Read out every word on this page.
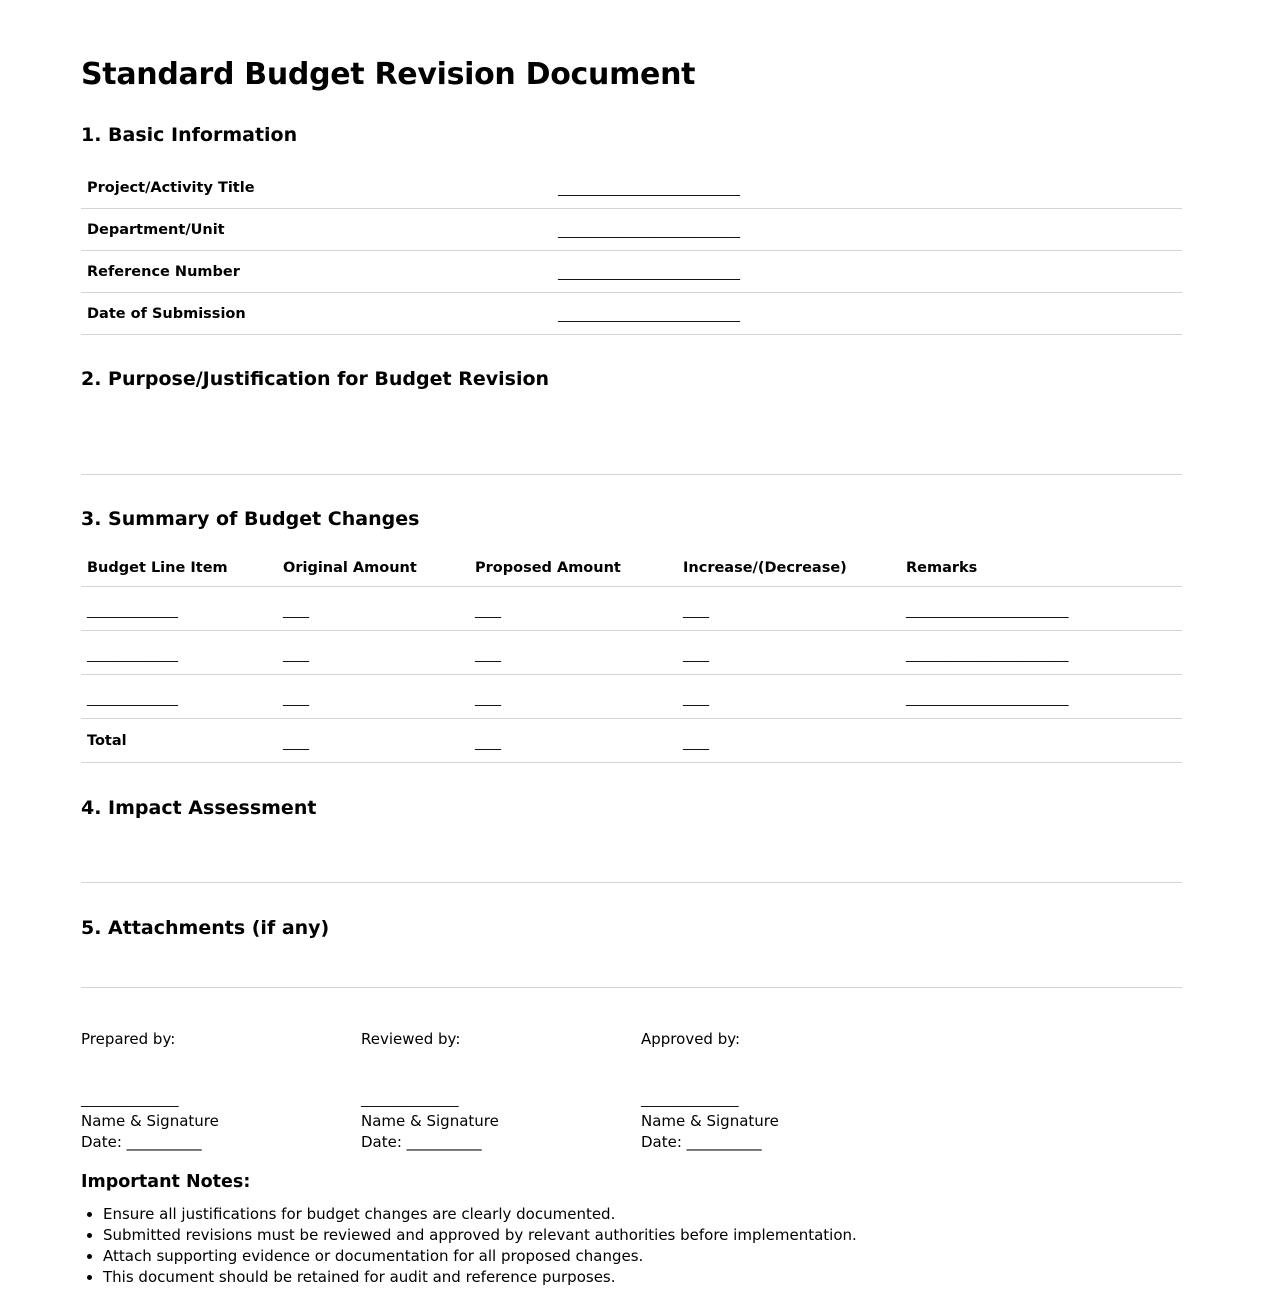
Standard Budget Revision Document
1. Basic Information
Project/Activity Title	____________________________
Department/Unit	____________________________
Reference Number	____________________________
Date of Submission	____________________________
2. Purpose/Justification for Budget Revision
3. Summary of Budget Changes
Budget Line Item	Original Amount	Proposed Amount	Increase/(Decrease)	Remarks
______________	____	____	____	_________________________
______________	____	____	____	_________________________
______________	____	____	____	_________________________
Total	____	____	____	
4. Impact Assessment
5. Attachments (if any)
Prepared by:
_______________
Name & Signature
Date: __________
Reviewed by:
_______________
Name & Signature
Date: __________
Approved by:
_______________
Name & Signature
Date: __________
Important Notes:
• Ensure all justifications for budget changes are clearly documented.
• Submitted revisions must be reviewed and approved by relevant authorities before implementation.
• Attach supporting evidence or documentation for all proposed changes.
• This document should be retained for audit and reference purposes.
